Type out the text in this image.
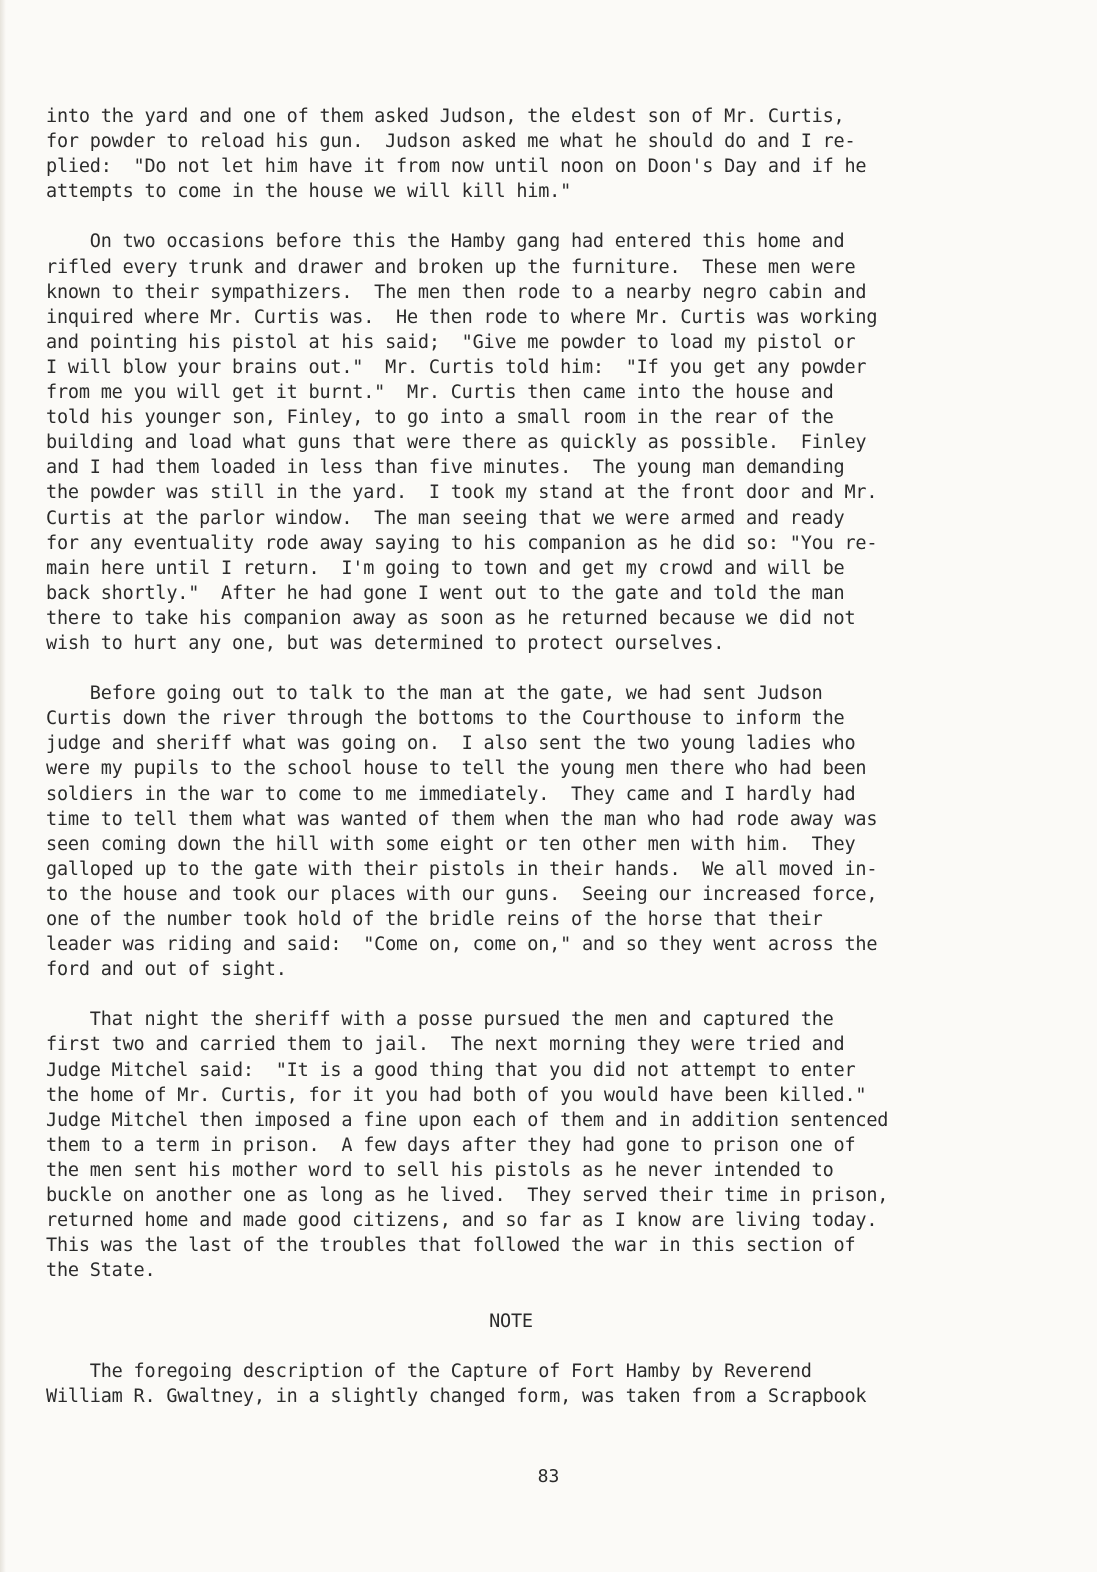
into the yard and one of them asked Judson, the eldest son of Mr. Curtis,
for powder to reload his gun.  Judson asked me what he should do and I re-
plied:  "Do not let him have it from now until noon on Doon's Day and if he
attempts to come in the house we will kill him."
On two occasions before this the Hamby gang had entered this home and
rifled every trunk and drawer and broken up the furniture.  These men were
known to their sympathizers.  The men then rode to a nearby negro cabin and
inquired where Mr. Curtis was.  He then rode to where Mr. Curtis was working
and pointing his pistol at his said;  "Give me powder to load my pistol or
I will blow your brains out."  Mr. Curtis told him:  "If you get any powder
from me you will get it burnt."  Mr. Curtis then came into the house and
told his younger son, Finley, to go into a small room in the rear of the
building and load what guns that were there as quickly as possible.  Finley
and I had them loaded in less than five minutes.  The young man demanding
the powder was still in the yard.  I took my stand at the front door and Mr.
Curtis at the parlor window.  The man seeing that we were armed and ready
for any eventuality rode away saying to his companion as he did so: "You re-
main here until I return.  I'm going to town and get my crowd and will be
back shortly."  After he had gone I went out to the gate and told the man
there to take his companion away as soon as he returned because we did not
wish to hurt any one, but was determined to protect ourselves.
Before going out to talk to the man at the gate, we had sent Judson
Curtis down the river through the bottoms to the Courthouse to inform the
judge and sheriff what was going on.  I also sent the two young ladies who
were my pupils to the school house to tell the young men there who had been
soldiers in the war to come to me immediately.  They came and I hardly had
time to tell them what was wanted of them when the man who had rode away was
seen coming down the hill with some eight or ten other men with him.  They
galloped up to the gate with their pistols in their hands.  We all moved in-
to the house and took our places with our guns.  Seeing our increased force,
one of the number took hold of the bridle reins of the horse that their
leader was riding and said:  "Come on, come on," and so they went across the
ford and out of sight.
That night the sheriff with a posse pursued the men and captured the
first two and carried them to jail.  The next morning they were tried and
Judge Mitchel said:  "It is a good thing that you did not attempt to enter
the home of Mr. Curtis, for it you had both of you would have been killed."
Judge Mitchel then imposed a fine upon each of them and in addition sentenced
them to a term in prison.  A few days after they had gone to prison one of
the men sent his mother word to sell his pistols as he never intended to
buckle on another one as long as he lived.  They served their time in prison,
returned home and made good citizens, and so far as I know are living today.
This was the last of the troubles that followed the war in this section of
the State.
NOTE
The foregoing description of the Capture of Fort Hamby by Reverend
William R. Gwaltney, in a slightly changed form, was taken from a Scrapbook
83
